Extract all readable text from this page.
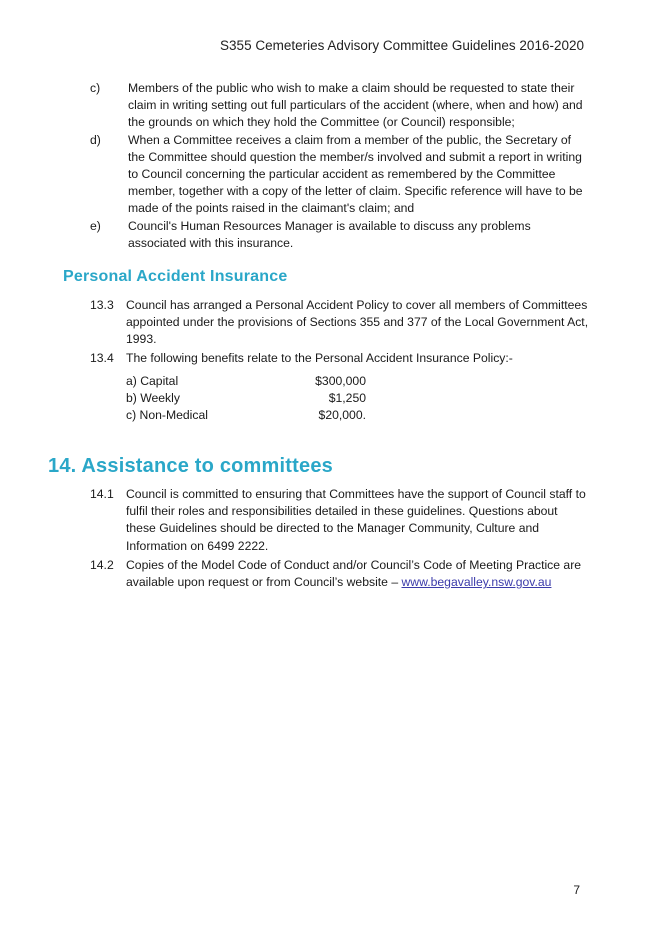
S355 Cemeteries Advisory Committee Guidelines 2016-2020
c)	Members of the public who wish to make a claim should be requested to state their claim in writing setting out full particulars of the accident (where, when and how) and the grounds on which they hold the Committee (or Council) responsible;
d)	When a Committee receives a claim from a member of the public, the Secretary of the Committee should question the member/s involved and submit a report in writing to Council concerning the particular accident as remembered by the Committee member, together with a copy of the letter of claim. Specific reference will have to be made of the points raised in the claimant's claim; and
e)	Council's Human Resources Manager is available to discuss any problems associated with this insurance.
Personal Accident Insurance
13.3	Council has arranged a Personal Accident Policy to cover all members of Committees appointed under the provisions of Sections 355 and 377 of the Local Government Act, 1993.
13.4	The following benefits relate to the Personal Accident Insurance Policy:-
a) Capital	$300,000
b) Weekly	$1,250
c) Non-Medical	$20,000.
14. Assistance to committees
14.1	Council is committed to ensuring that Committees have the support of Council staff to fulfil their roles and responsibilities detailed in these guidelines. Questions about these Guidelines should be directed to the Manager Community, Culture and Information on 6499 2222.
14.2	Copies of the Model Code of Conduct and/or Council’s Code of Meeting Practice are available upon request or from Council’s website – www.begavalley.nsw.gov.au
7
